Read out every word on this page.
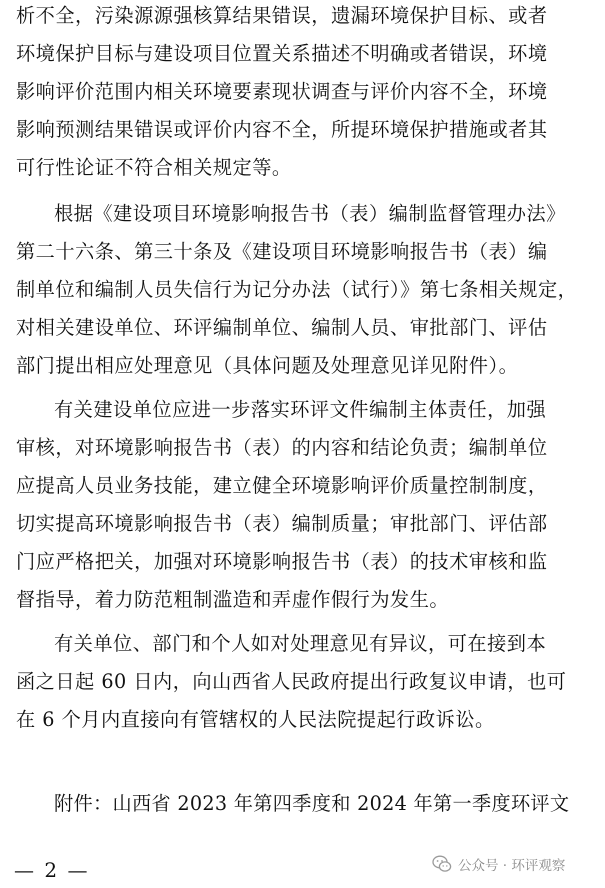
析不全，污染源源强核算结果错误，遗漏环境保护目标、或者
环境保护目标与建设项目位置关系描述不明确或者错误，环境
影响评价范围内相关环境要素现状调查与评价内容不全，环境
影响预测结果错误或评价内容不全，所提环境保护措施或者其
可行性论证不符合相关规定等。
根据《建设项目环境影响报告书（表）编制监督管理办法》
第二十六条、第三十条及《建设项目环境影响报告书（表）编
制单位和编制人员失信行为记分办法（试行）》第七条相关规定，
对相关建设单位、环评编制单位、编制人员、审批部门、评估
部门提出相应处理意见（具体问题及处理意见详见附件）。
有关建设单位应进一步落实环评文件编制主体责任，加强
审核，对环境影响报告书（表）的内容和结论负责；编制单位
应提高人员业务技能，建立健全环境影响评价质量控制制度，
切实提高环境影响报告书（表）编制质量；审批部门、评估部
门应严格把关，加强对环境影响报告书（表）的技术审核和监
督指导，着力防范粗制滥造和弄虚作假行为发生。
有关单位、部门和个人如对处理意见有异议，可在接到本
函之日起 60 日内，向山西省人民政府提出行政复议申请，也可
在 6 个月内直接向有管辖权的人民法院提起行政诉讼。
附件：山西省 2023 年第四季度和 2024 年第一季度环评文
— 2 —	公众号 · 环评观察
